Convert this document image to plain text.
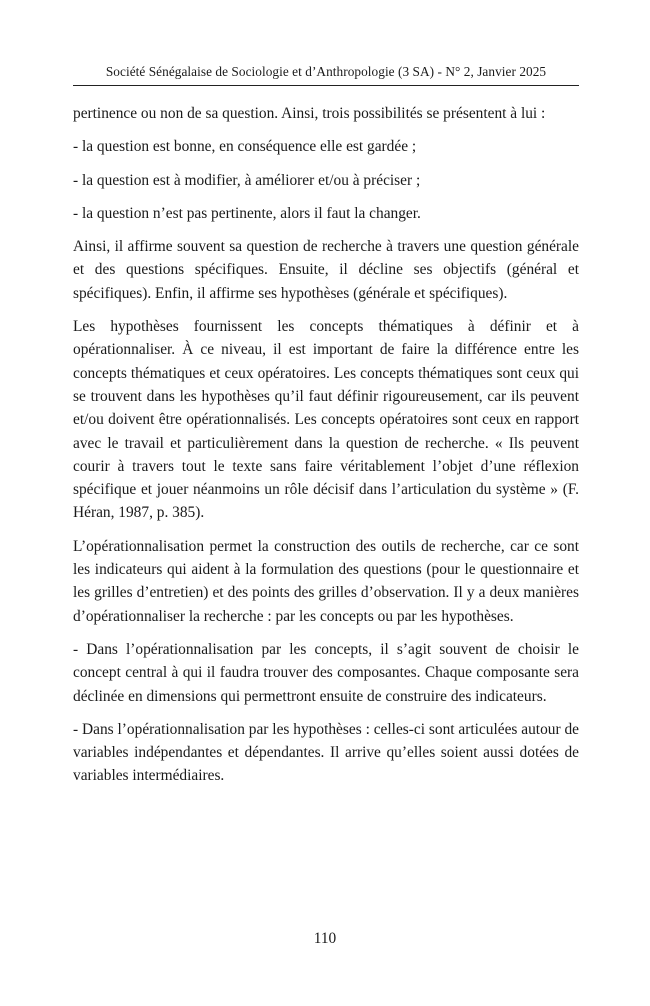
Société Sénégalaise de Sociologie et d’Anthropologie (3 SA) - N° 2, Janvier 2025

pertinence ou non de sa question. Ainsi, trois possibilités se présentent à lui :

- la question est bonne, en conséquence elle est gardée ;

- la question est à modifier, à améliorer et/ou à préciser ;

- la question n’est pas pertinente, alors il faut la changer.

Ainsi, il affirme souvent sa question de recherche à travers une question générale et des questions spécifiques. Ensuite, il décline ses objectifs (général et spécifiques). Enfin, il affirme ses hypothèses (générale et spécifiques).

Les hypothèses fournissent les concepts thématiques à définir et à opérationnaliser. À ce niveau, il est important de faire la différence entre les concepts thématiques et ceux opératoires. Les concepts thématiques sont ceux qui se trouvent dans les hypothèses qu’il faut définir rigoureusement, car ils peuvent et/ou doivent être opérationnalisés. Les concepts opératoires sont ceux en rapport avec le travail et particulièrement dans la question de recherche. « Ils peuvent courir à travers tout le texte sans faire véritablement l’objet d’une réflexion spécifique et jouer néanmoins un rôle décisif dans l’articulation du système » (F. Héran, 1987, p. 385).

L’opérationnalisation permet la construction des outils de recherche, car ce sont les indicateurs qui aident à la formulation des questions (pour le questionnaire et les grilles d’entretien) et des points des grilles d’observation. Il y a deux manières d’opérationnaliser la recherche : par les concepts ou par les hypothèses.

- Dans l’opérationnalisation par les concepts, il s’agit souvent de choisir le concept central à qui il faudra trouver des composantes. Chaque composante sera déclinée en dimensions qui permettront ensuite de construire des indicateurs.

- Dans l’opérationnalisation par les hypothèses : celles-ci sont articulées autour de variables indépendantes et dépendantes. Il arrive qu’elles soient aussi dotées de variables intermédiaires.

110
